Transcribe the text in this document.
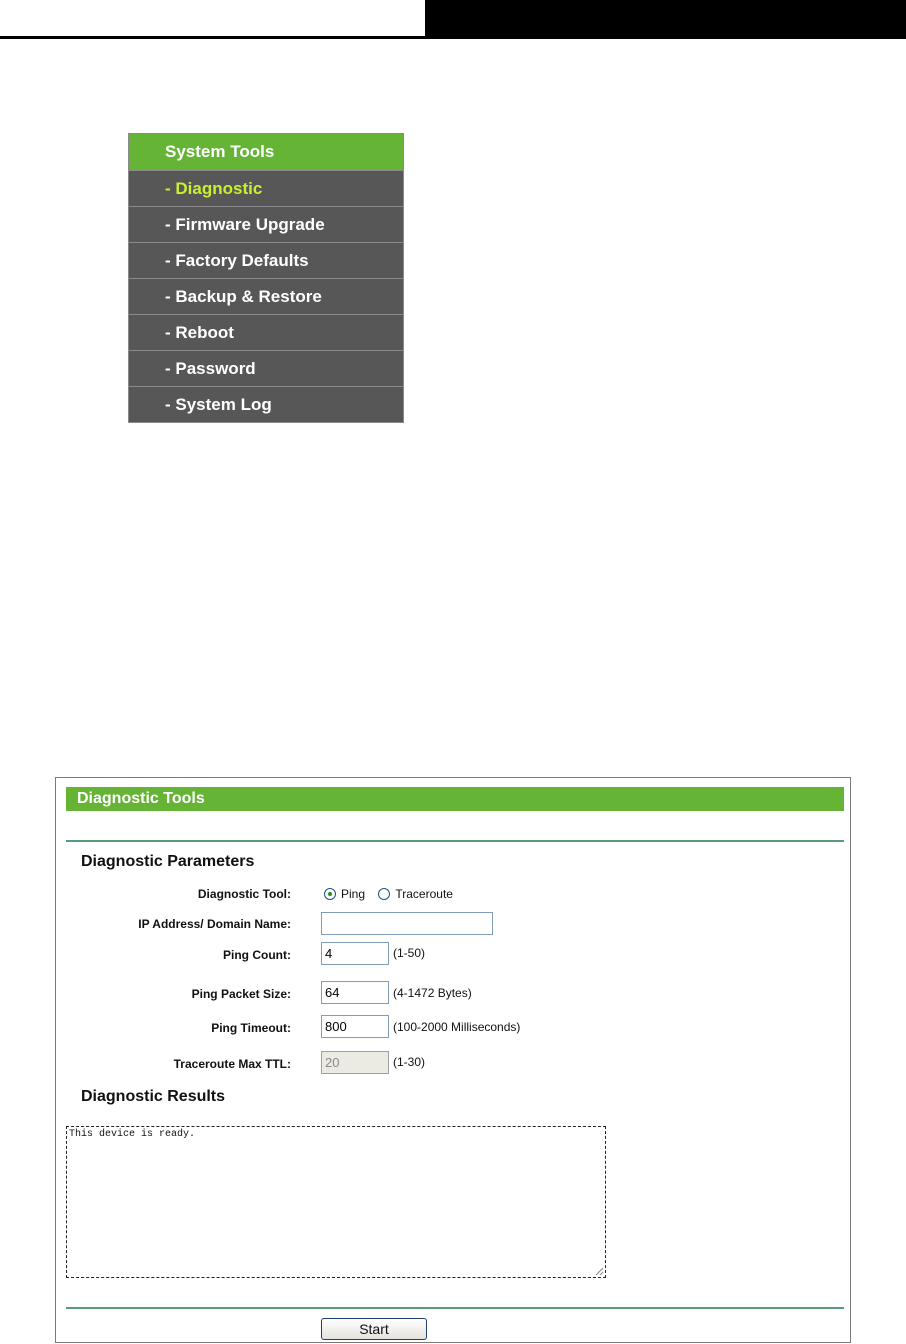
System Tools
- Diagnostic
- Firmware Upgrade
- Factory Defaults
- Backup & Restore
- Reboot
- Password
- System Log
Diagnostic Tools
Diagnostic Parameters
Diagnostic Tool:	Ping	Traceroute
IP Address/ Domain Name:
Ping Count:
4	(1-50)
Ping Packet Size:
64	(4-1472 Bytes)
Ping Timeout:
800	(100-2000 Milliseconds)
Traceroute Max TTL:
20	(1-30)
Diagnostic Results
This device is ready.
Start
